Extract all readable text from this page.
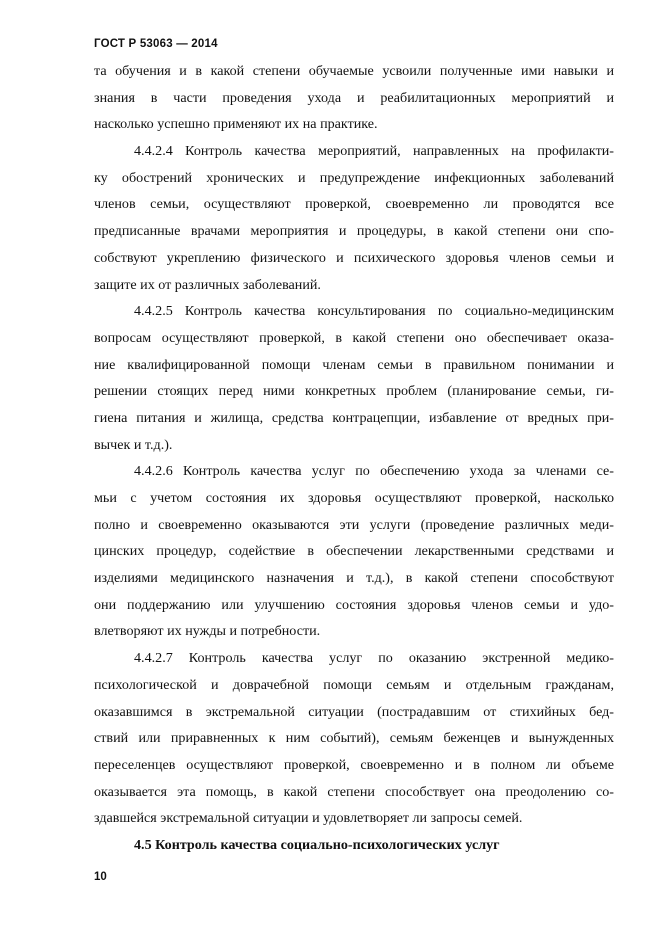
ГОСТ Р 53063 — 2014
та обучения и в какой степени обучаемые усвоили полученные ими навыки и
знания в части проведения ухода и реабилитационных мероприятий и
насколько успешно применяют их на практике.
4.4.2.4 Контроль качества мероприятий, направленных на профилакти-
ку обострений хронических и предупреждение инфекционных заболеваний
членов семьи, осуществляют проверкой, своевременно ли проводятся все
предписанные врачами мероприятия и процедуры, в какой степени они спо-
собствуют укреплению физического и психического здоровья членов семьи и
защите их от различных заболеваний.
4.4.2.5 Контроль качества консультирования по социально-медицинским
вопросам осуществляют проверкой, в какой степени оно обеспечивает оказа-
ние квалифицированной помощи членам семьи в правильном понимании и
решении стоящих перед ними конкретных проблем (планирование семьи, ги-
гиена питания и жилища, средства контрацепции, избавление от вредных при-
вычек и т.д.).
4.4.2.6 Контроль качества услуг по обеспечению ухода за членами се-
мьи с учетом состояния их здоровья осуществляют проверкой, насколько
полно и своевременно оказываются эти услуги (проведение различных меди-
цинских процедур, содействие в обеспечении лекарственными средствами и
изделиями медицинского назначения и т.д.), в какой степени способствуют
они поддержанию или улучшению состояния здоровья членов семьи и удо-
влетворяют их нужды и потребности.
4.4.2.7 Контроль качества услуг по оказанию экстренной медико-
психологической и доврачебной помощи семьям и отдельным гражданам,
оказавшимся в экстремальной ситуации (пострадавшим от стихийных бед-
ствий или приравненных к ним событий), семьям беженцев и вынужденных
переселенцев осуществляют проверкой, своевременно и в полном ли объеме
оказывается эта помощь, в какой степени способствует она преодолению со-
здавшейся экстремальной ситуации и удовлетворяет ли запросы семей.
4.5 Контроль качества социально-психологических услуг
10
